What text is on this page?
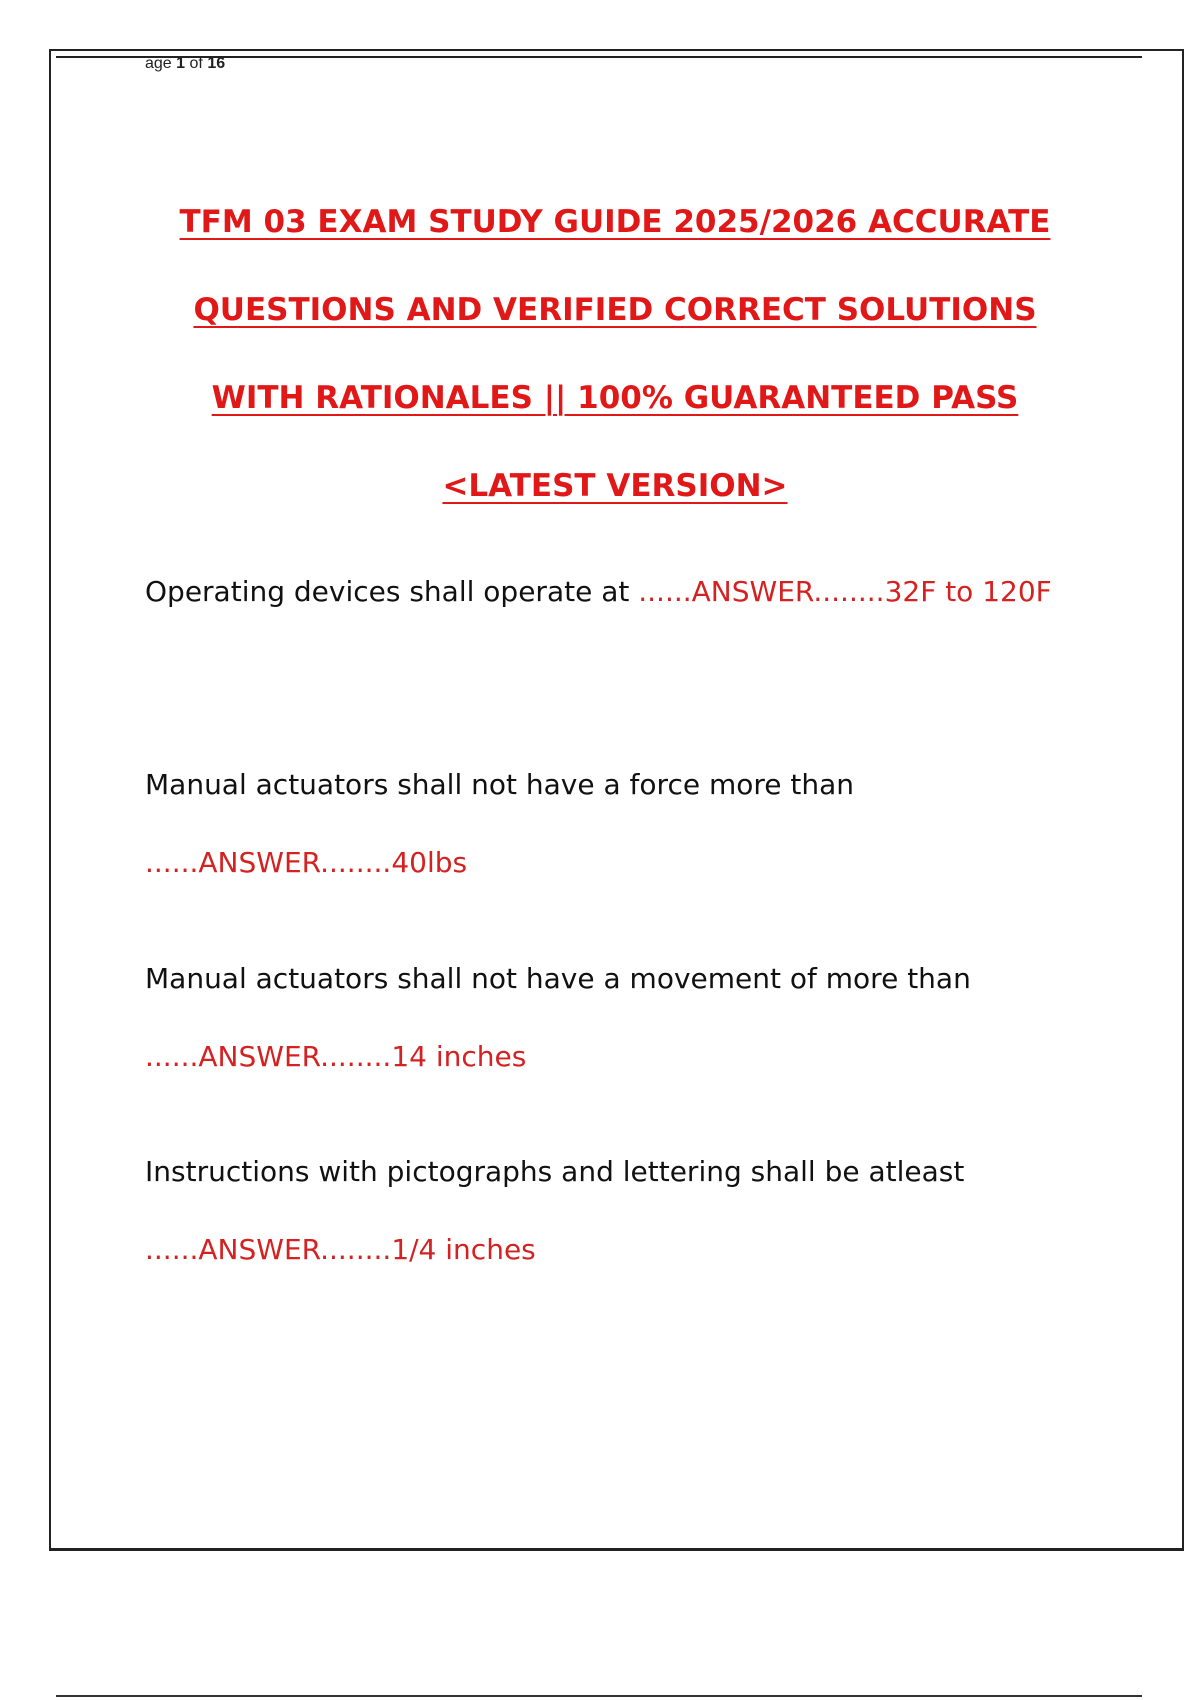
age 1 of 16
TFM 03 EXAM STUDY GUIDE 2025/2026 ACCURATE
QUESTIONS AND VERIFIED CORRECT SOLUTIONS
WITH RATIONALES || 100% GUARANTEED PASS
<LATEST VERSION>
Operating devices shall operate at ......ANSWER........32F to 120F
Manual actuators shall not have a force more than ......ANSWER........40lbs
Manual actuators shall not have a movement of more than ......ANSWER........14 inches
Instructions with pictographs and lettering shall be atleast ......ANSWER........1/4 inches
